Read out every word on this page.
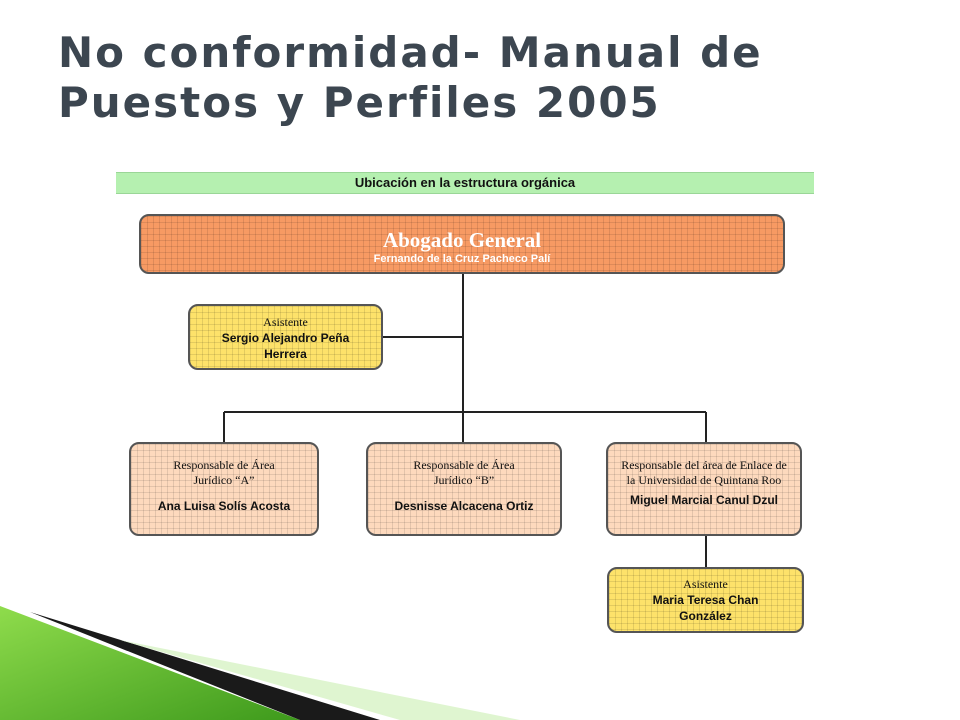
No conformidad- Manual de Puestos y Perfiles 2005
Ubicación en la estructura orgánica
Abogado General
Fernando de la Cruz Pacheco Palí
Asistente
Sergio Alejandro Peña Herrera
Responsable de Área Jurídico “A”
Ana Luisa Solís Acosta
Responsable de Área Jurídico “B”
Desnisse Alcacena Ortiz
Responsable del área de Enlace de la Universidad de Quintana Roo
Miguel Marcial Canul Dzul
Asistente
Maria Teresa Chan González
